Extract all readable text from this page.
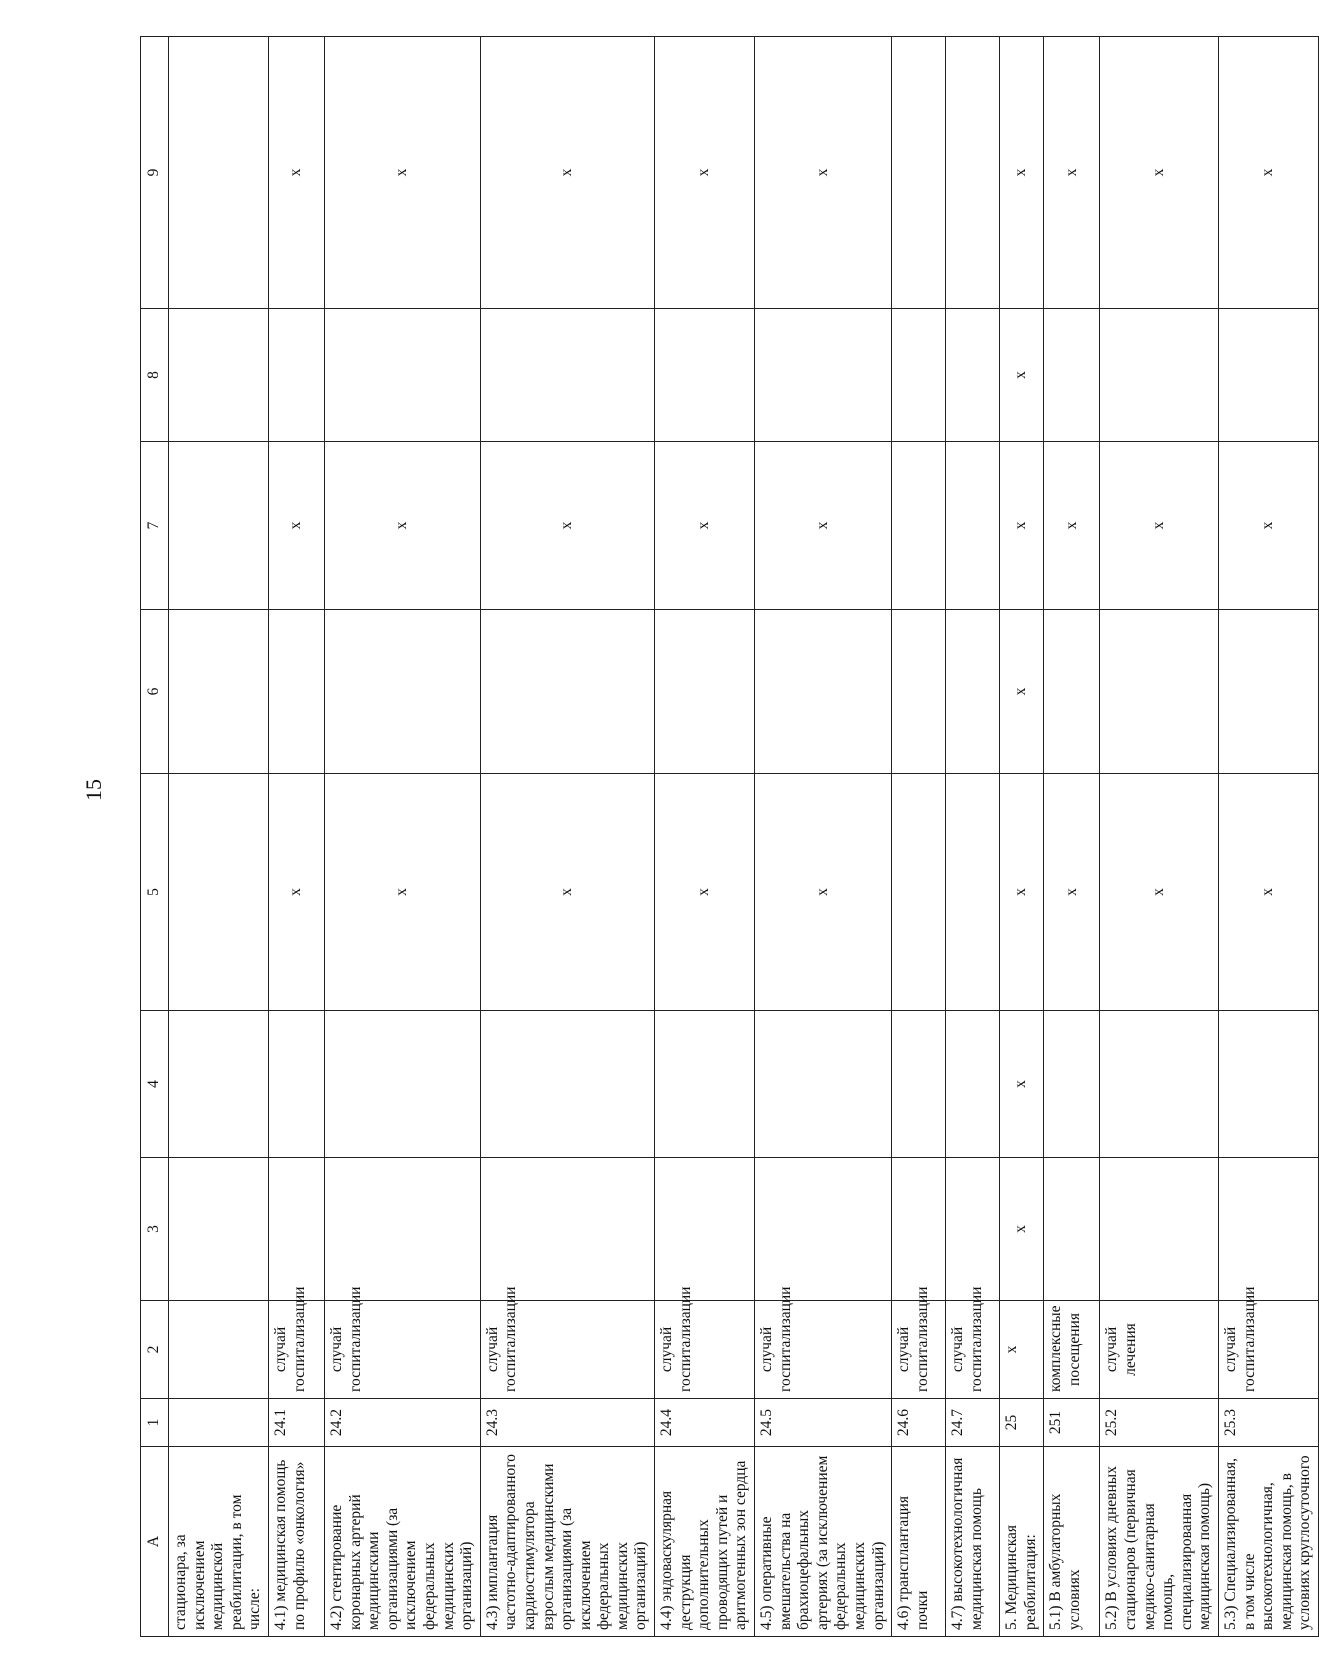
15
А	1	2	3	4	5	6	7	8	9
стационара, за исключением медицинской реабилитации, в том числе:									
4.1) медицинская помощь по профилю «онкология»	24.1	случай госпитализации			х		х		х
4.2) стентирование коронарных артерий медицинскими организациями (за исключением федеральных медицинских организаций)	24.2	случай госпитализации			х		х		х
4.3) имплантация частотно-адаптированного кардиостимулятора взрослым медицинскими организациями (за исключением федеральных медицинских организаций)	24.3	случай госпитализации			х		х		х
4.4) эндоваскулярная деструкция дополнительных проводящих путей и аритмогенных зон сердца	24.4	случай госпитализации			х		х		х
4.5) оперативные вмешательства на брахиоцефальных артериях (за исключением федеральных медицинских организаций)	24.5	случай госпитализации			х		х		х
4.6) трансплантация почки	24.6	случай госпитализации							
4.7) высокотехнологичная медицинская помощь	24.7	случай госпитализации							
5. Медицинская реабилитация:	25	х	х	х	х	х	х	х	х
5.1) В амбулаторных условиях	251	комплексные посещения			х		х		х
5.2) В условиях дневных стационаров (первичная медико-санитарная помощь, специализированная медицинская помощь)	25.2	случай лечения			х		х		х
5.3) Специализированная, в том числе высокотехнологичная, медицинская помощь, в условиях круглосуточного	25.3	случай госпитализации			х		х		х
